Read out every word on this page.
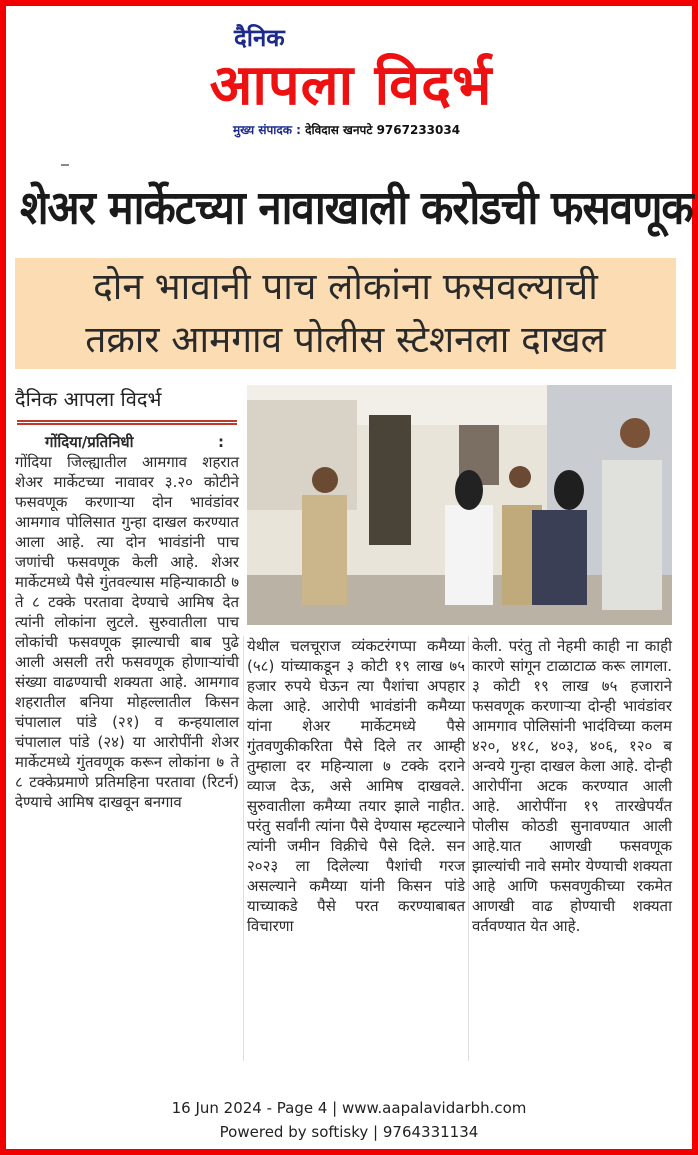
दैनिक
आपला विदर्भ
मुख्य संपादक : देविदास खनपटे 9767233034
शेअर मार्केटच्या नावाखाली करोडची फसवणूक
दोन भावानी पाच लोकांना फसवल्याची
तक्रार आमगाव पोलीस स्टेशनला दाखल
दैनिक आपला विदर्भ
गोंदिया/प्रतिनिधी	:
गोंदिया जिल्ह्यातील आमगाव शहरात शेअर मार्केटच्या नावावर ३.२० कोटीने फसवणूक करणाऱ्या दोन भावंडांवर आमगाव पोलिसात गुन्हा दाखल करण्यात आला आहे. त्या दोन भावंडांनी पाच जणांची फसवणूक केली आहे. शेअर मार्केटमध्ये पैसे गुंतवल्यास महिन्याकाठी ७ ते ८ टक्के परतावा देण्याचे आमिष देत त्यांनी लोकांना लुटले. सुरुवातीला पाच लोकांची फसवणूक झाल्याची बाब पुढे आली असली तरी फसवणूक होणाऱ्यांची संख्या वाढण्याची शक्यता आहे. आमगाव शहरातील बनिया मोहल्लातील किसन चंपालाल पांडे (२१) व कन्हयालाल चंपालाल पांडे (२४) या आरोपींनी शेअर मार्केटमध्ये गुंतवणूक करून लोकांना ७ ते ८ टक्केप्रमाणे प्रतिमहिना परतावा (रिटर्न) देण्याचे आमिष दाखवून बनगाव
येथील चलचूराज व्यंकटरंगप्पा कमैय्या (५८) यांच्याकडून ३ कोटी १९ लाख ७५ हजार रुपये घेऊन त्या पैशांचा अपहार केला आहे. आरोपी भावंडांनी कमैय्या यांना शेअर मार्केटमध्ये पैसे गुंतवणुकीकरिता पैसे दिले तर आम्ही तुम्हाला दर महिन्याला ७ टक्के दराने व्याज देऊ, असे आमिष दाखवले. सुरुवातीला कमैय्या तयार झाले नाहीत. परंतु सर्वांनी त्यांना पैसे देण्यास म्हटल्याने त्यांनी जमीन विक्रीचे पैसे दिले. सन २०२३ ला दिलेल्या पैशांची गरज असल्याने कमैय्या यांनी किसन पांडे याच्याकडे पैसे परत करण्याबाबत विचारणा
केली. परंतु तो नेहमी काही ना काही कारणे सांगून टाळाटाळ करू लागला. ३ कोटी १९ लाख ७५ हजाराने फसवणूक करणाऱ्या दोन्ही भावंडांवर आमगाव पोलिसांनी भादंविच्या कलम ४२०, ४१८, ४०३, ४०६, १२० ब अन्वये गुन्हा दाखल केला आहे. दोन्ही आरोपींना अटक करण्यात आली आहे. आरोपींना १९ तारखेपर्यंत पोलीस कोठडी सुनावण्यात आली आहे.यात आणखी फसवणूक झाल्यांची नावे समोर येण्याची शक्यता आहे आणि फसवणुकीच्या रकमेत आणखी वाढ होण्याची शक्यता वर्तवण्यात येत आहे.
16 Jun 2024 - Page 4 | www.aapalavidarbh.com
Powered by softisky | 9764331134
